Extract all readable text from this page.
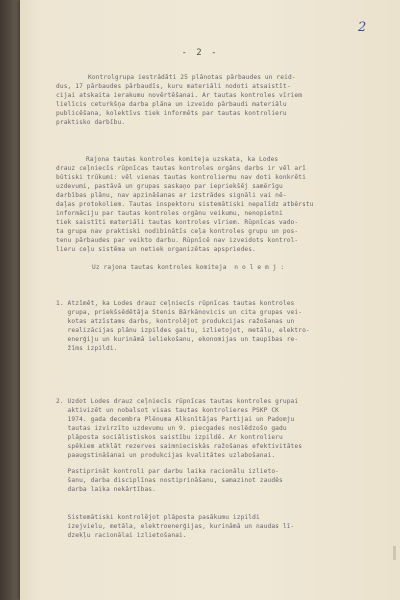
- 2 -
2
Kontrolgrupa iestrādāti 25 plānotas pārbaudes un reid-
dus, 17 pārbaudes pārbaudīs, kuru materiāli nodoti atsaistīt-
cijai atskaita ierakumu novērtēšanai. Ar tautas kontroles vīriem
lielīcis ceturkšņa darba plāna un izveido pārbaudi materiālu
publicēšana, kolektīvs tiek informēts par tautas kontrolieru
praktisko darbību.
Rajona tautas kontroles komiteja uzskata, ka Lodes
drauz ceļniecīs rūpnīcas tautas kontroles orgāns darbs ir vēl arī
būtiski trūkumi: vēl vienas tautas kontroliermu nav doti konkrēti
uzdevumi, pastāvā un grupas saskaņo par iepriekšēj samērīgu
darbības plānu, nav apzināšanas ar izstrādes signāli vai nē-
daļas protokoliem. Tautas inspektoru sistemātiski nepalīdz atbērstu
informāciju par tautas kontroles orgānu veikumu, nenopietni
tiek saistīti materiāli tautas kontroles vīriem. Rūpnīcas vado-
ta grupa nav praktiski nodibinātīs ceļa kontroles grupu un pos-
tenu pārbaudes par veikto darbu. Rūpnīcē nav izveidots kontrol-
lieru ceļu sistēma un netiek organizētas apspriedes.
Uz rajona tautas kontroles komiteja  n o l e m j :
1. Atzīmēt, ka Lodes drauz ceļniecīs rūpnīcas tautas kontroles
grupa, priekšsēdētāja Stenis Bārkānovicis un cita grupas vei-
kotas atzīstams darbs, kontrolējot produkcijas ražošanas un
realizācijas plānu izpildes gaitu, izlietojot, metālu, elektro-
enerģiju un kurināmā ieliekošanu, ekonomijas un taupības re-
žīms izpildi.
2. Uzdot Lodes drauz ceļniecīs rūpnīcas tautas kontroles grupai
aktivizēt un nobalsot visas tautas kontrolieres PSKP CK
1974. gada decembra Plēnuma Alksnītājas Partijai un Padomju
tautas izvirzīto uzdevumu un 9. piecgades noslēdzošo gadu
plāposta sociālistiskos saistību izpildē. Ar kontrolieru
spēkiem atklāt rezerves saimnieciskās ražošanas efektivitātes
paaugstināšanai un produkcijas kvalitātes uzlabošanai.
Pastiprināt kontroli par darbu laika racionālu izlieto-
šanu, darba disciplīnas nostiprināšanu, samazinot zaudēs
darba laika nekārtības.
Sistemātiski kontrolējot plāposta pasākumu izpildi
izejvielu, metāla, elektroenerģijas, kurināmā un naudas lī-
dzekļu racionālai izlietošanai.
